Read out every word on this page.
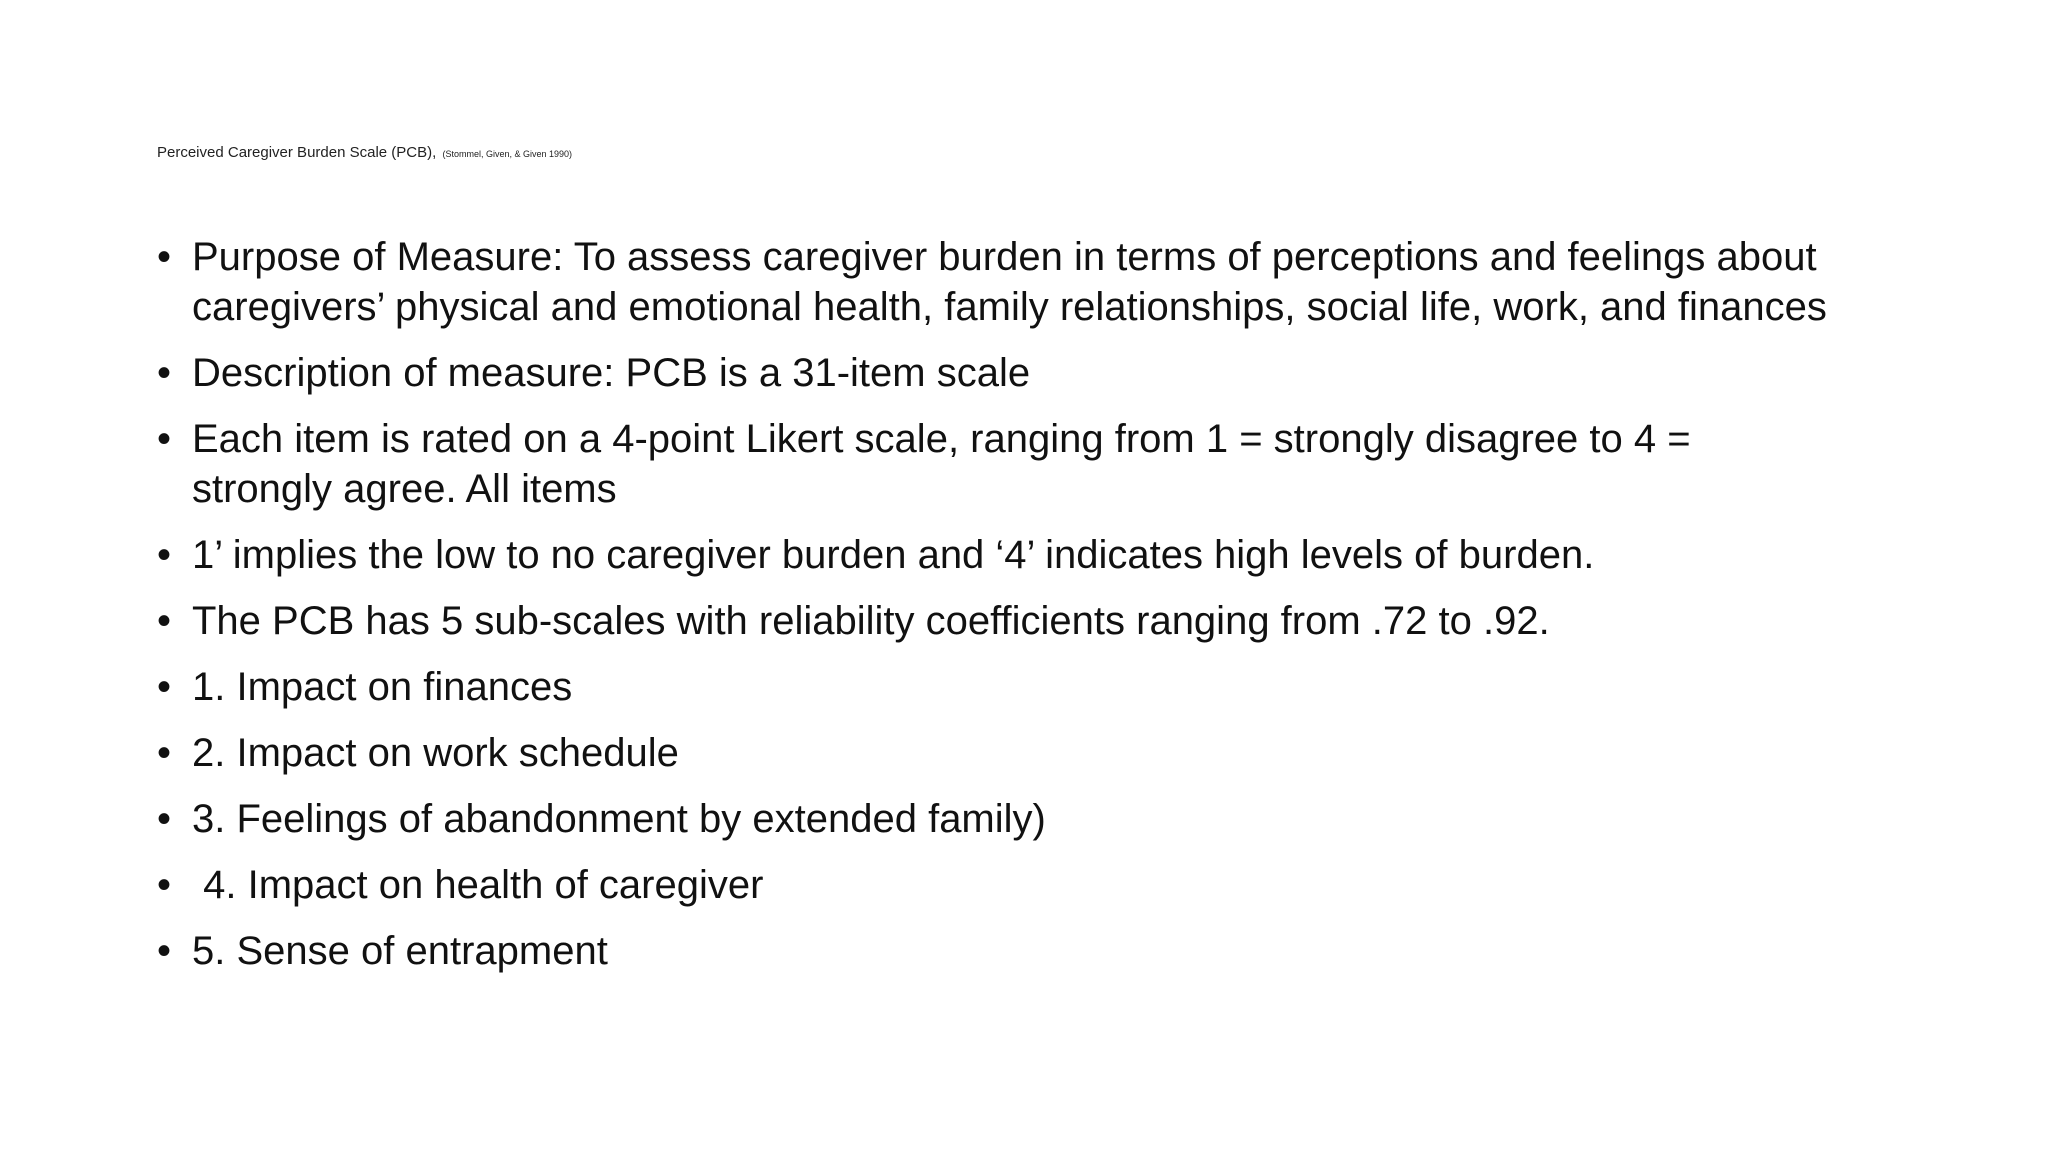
Perceived Caregiver Burden Scale (PCB), (Stommel, Given, & Given 1990)
• Purpose of Measure: To assess caregiver burden in terms of perceptions and feelings about caregivers’ physical and emotional health, family relationships, social life, work, and finances
• Description of measure: PCB is a 31-item scale
• Each item is rated on a 4-point Likert scale, ranging from 1 = strongly disagree to 4 = strongly agree. All items
• 1’ implies the low to no caregiver burden and ‘4’ indicates high levels of burden.
• The PCB has 5 sub-scales with reliability coefficients ranging from .72 to .92.
• 1. Impact on finances
• 2. Impact on work schedule
• 3. Feelings of abandonment by extended family)
• 4. Impact on health of caregiver
• 5. Sense of entrapment
